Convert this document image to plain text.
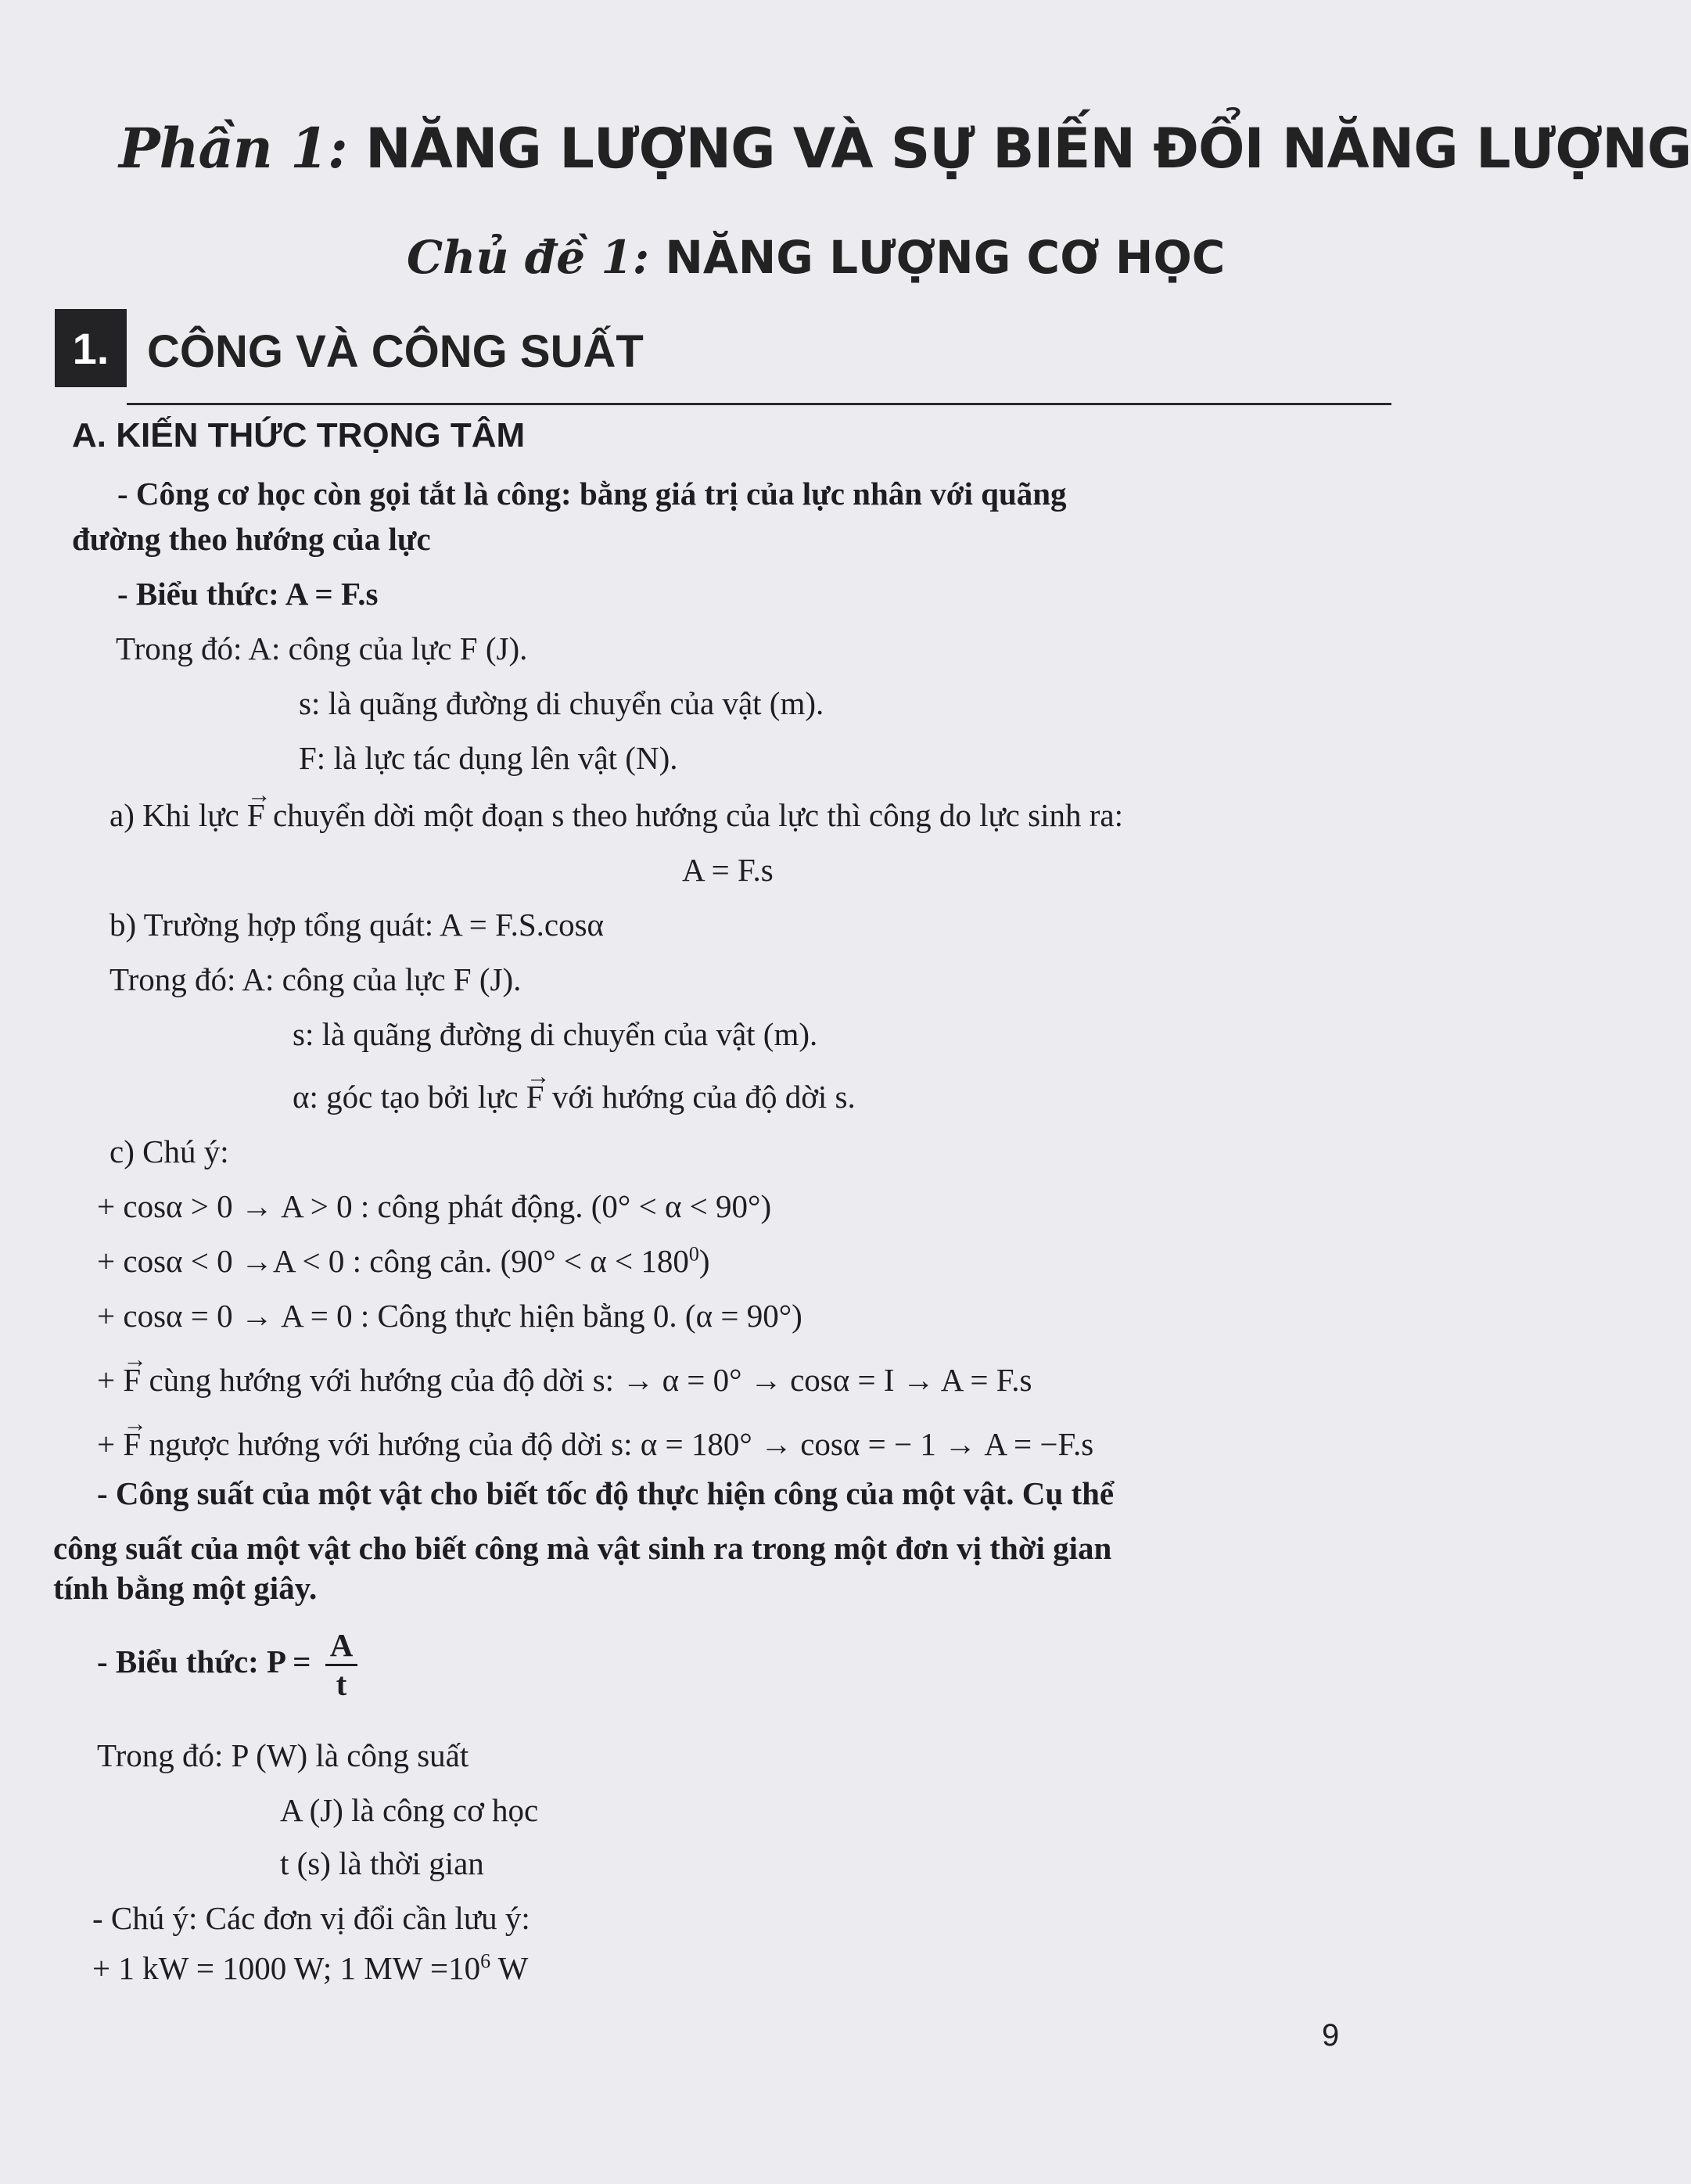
Phần 1: NĂNG LƯỢNG VÀ SỰ BIẾN ĐỔI NĂNG LƯỢNG
Chủ đề 1: NĂNG LƯỢNG CƠ HỌC
1. CÔNG VÀ CÔNG SUẤT
A. KIẾN THỨC TRỌNG TÂM
- Công cơ học còn gọi tắt là công: bằng giá trị của lực nhân với quãng
đường theo hướng của lực
- Biểu thức: A = F.s
Trong đó: A: công của lực F (J).
s: là quãng đường di chuyển của vật (m).
F: là lực tác dụng lên vật (N).
a) Khi lực → F chuyển dời một đoạn s theo hướng của lực thì công do lực sinh ra:
A = F.s
b) Trường hợp tổng quát: A = F.S.cosα
Trong đó: A: công của lực F (J).
s: là quãng đường di chuyển của vật (m).
α: góc tạo bởi lực → F với hướng của độ dời s.
c) Chú ý:
+ cosα > 0 → A > 0 : công phát động. (0° < α < 90°)
+ cosα < 0 →A < 0 : công cản. $(90^\circ < \alpha < 180^0)$
+ cosα = 0 → A = 0 : Công thực hiện bằng 0. (α = 90°)
+ → F cùng hướng với hướng của độ dời s: → α = 0° → cosα = I → A = F.s
+ → F ngược hướng với hướng của độ dời s: α = 180° → cosα = − 1 → A = −F.s
- Công suất của một vật cho biết tốc độ thực hiện công của một vật. Cụ thể
công suất của một vật cho biết công mà vật sinh ra trong một đơn vị thời gian
tính bằng một giây.
- Biểu thức: $P = \frac{A}{t}$
Trong đó: P (W) là công suất
A (J) là công cơ học
t (s) là thời gian
- Chú ý: Các đơn vị đổi cần lưu ý:
+ 1 kW = 1000 W; 1 MW $=10^6$ W
9
